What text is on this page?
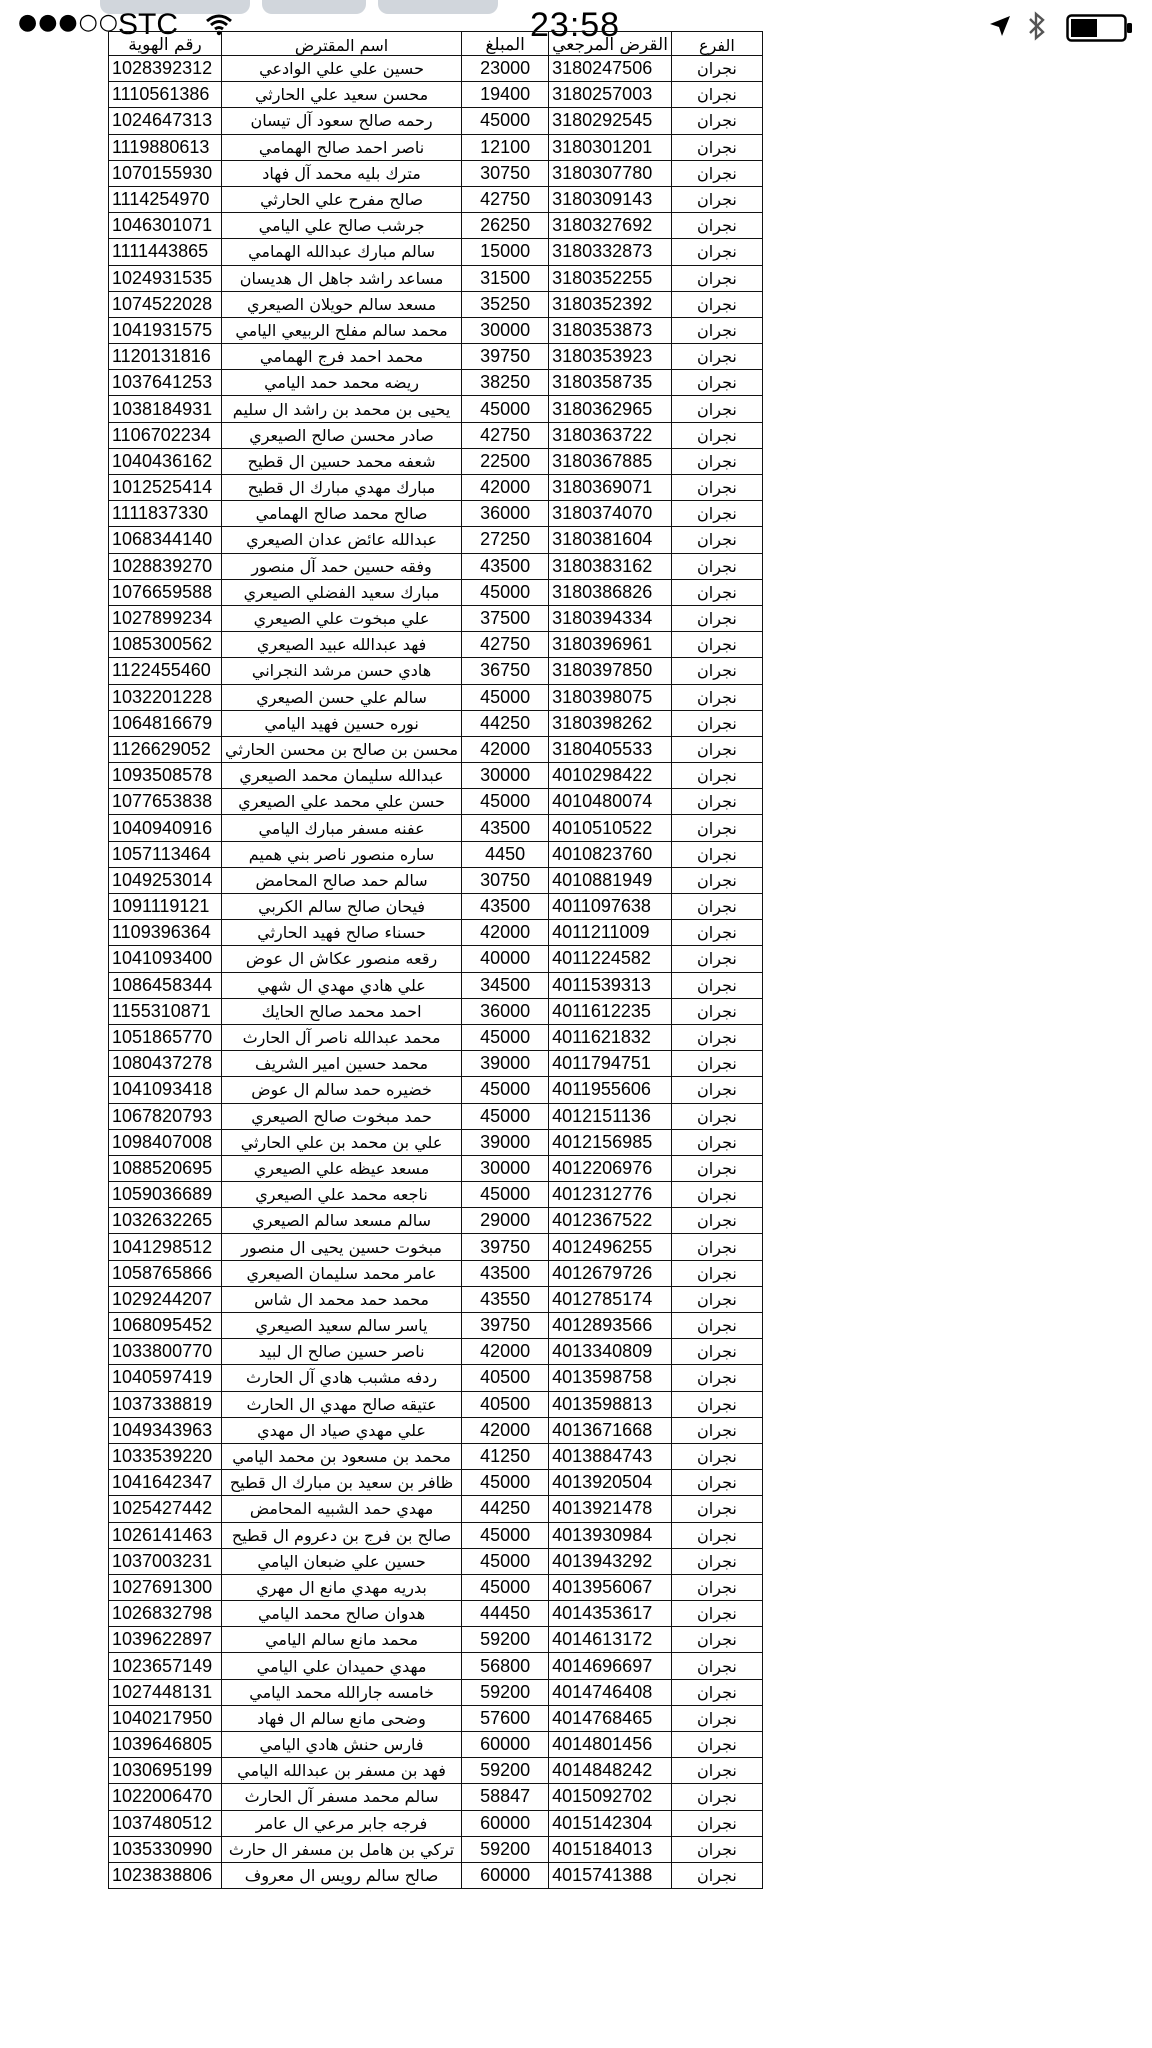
●●●○○ STC	23:58
رقم الهوية	اسم المقترض	المبلغ	القرض المرجعي	الفرع
1028392312	حسين علي علي الوادعي	23000	3180247506	نجران
1110561386	محسن سعيد علي الحارثي	19400	3180257003	نجران
1024647313	رحمه صالح سعود آل تيسان	45000	3180292545	نجران
1119880613	ناصر احمد صالح الهمامي	12100	3180301201	نجران
1070155930	مترك بليه محمد آل فهاد	30750	3180307780	نجران
1114254970	صالح مفرح علي الحارثي	42750	3180309143	نجران
1046301071	جرشب صالح علي اليامي	26250	3180327692	نجران
1111443865	سالم مبارك عبدالله الهمامي	15000	3180332873	نجران
1024931535	مساعد راشد جاهل ال هديسان	31500	3180352255	نجران
1074522028	مسعد سالم حويلان الصيعري	35250	3180352392	نجران
1041931575	محمد سالم مفلح الربيعي اليامي	30000	3180353873	نجران
1120131816	محمد احمد فرج الهمامي	39750	3180353923	نجران
1037641253	ريضه محمد حمد اليامي	38250	3180358735	نجران
1038184931	يحيى بن محمد بن راشد ال سليم	45000	3180362965	نجران
1106702234	صادر محسن صالح الصيعري	42750	3180363722	نجران
1040436162	شعفه محمد حسين ال قطيح	22500	3180367885	نجران
1012525414	مبارك مهدي مبارك ال قطيح	42000	3180369071	نجران
1111837330	صالح محمد صالح الهمامي	36000	3180374070	نجران
1068344140	عبدالله عائض عدان الصيعري	27250	3180381604	نجران
1028839270	وفقه حسين حمد آل منصور	43500	3180383162	نجران
1076659588	مبارك سعيد الفضلي الصيعري	45000	3180386826	نجران
1027899234	علي مبخوت علي الصيعري	37500	3180394334	نجران
1085300562	فهد عبدالله عبيد الصيعري	42750	3180396961	نجران
1122455460	هادي حسن مرشد النجراني	36750	3180397850	نجران
1032201228	سالم علي حسن الصيعري	45000	3180398075	نجران
1064816679	نوره حسين فهيد اليامي	44250	3180398262	نجران
1126629052	محسن بن صالح بن محسن الحارثي	42000	3180405533	نجران
1093508578	عبدالله سليمان محمد الصيعري	30000	4010298422	نجران
1077653838	حسن علي محمد علي الصيعري	45000	4010480074	نجران
1040940916	عفنه مسفر مبارك اليامي	43500	4010510522	نجران
1057113464	ساره منصور ناصر بني هميم	4450	4010823760	نجران
1049253014	سالم حمد صالح المحامض	30750	4010881949	نجران
1091119121	فيحان صالح سالم الكربي	43500	4011097638	نجران
1109396364	حسناء صالح فهيد الحارثي	42000	4011211009	نجران
1041093400	رقعه منصور عكاش ال عوض	40000	4011224582	نجران
1086458344	علي هادي مهدي ال شهي	34500	4011539313	نجران
1155310871	احمد محمد صالح الحايك	36000	4011612235	نجران
1051865770	محمد عبدالله ناصر آل الحارث	45000	4011621832	نجران
1080437278	محمد حسين امير الشريف	39000	4011794751	نجران
1041093418	خضيره حمد سالم ال عوض	45000	4011955606	نجران
1067820793	حمد مبخوت صالح الصيعري	45000	4012151136	نجران
1098407008	علي بن محمد بن علي الحارثي	39000	4012156985	نجران
1088520695	مسعد عيظه علي الصيعري	30000	4012206976	نجران
1059036689	ناجعه محمد علي الصيعري	45000	4012312776	نجران
1032632265	سالم مسعد سالم الصيعري	29000	4012367522	نجران
1041298512	مبخوت حسين يحيى ال منصور	39750	4012496255	نجران
1058765866	عامر محمد سليمان الصيعري	43500	4012679726	نجران
1029244207	محمد حمد محمد ال شاس	43550	4012785174	نجران
1068095452	ياسر سالم سعيد الصيعري	39750	4012893566	نجران
1033800770	ناصر حسين صالح ال لبيد	42000	4013340809	نجران
1040597419	ردفه مشبب هادي آل الحارث	40500	4013598758	نجران
1037338819	عتيقه صالح مهدي ال الحارث	40500	4013598813	نجران
1049343963	علي مهدي صياد ال مهدي	42000	4013671668	نجران
1033539220	محمد بن مسعود بن محمد اليامي	41250	4013884743	نجران
1041642347	ظافر بن سعيد بن مبارك ال قطيح	45000	4013920504	نجران
1025427442	مهدي حمد الشبيه المحامض	44250	4013921478	نجران
1026141463	صالح بن فرج بن دعروم ال قطيح	45000	4013930984	نجران
1037003231	حسين علي ضبعان اليامي	45000	4013943292	نجران
1027691300	بدريه مهدي مانع ال مهري	45000	4013956067	نجران
1026832798	هدوان صالح محمد اليامي	44450	4014353617	نجران
1039622897	محمد مانع سالم اليامي	59200	4014613172	نجران
1023657149	مهدي حميدان علي اليامي	56800	4014696697	نجران
1027448131	خامسه جارالله محمد اليامي	59200	4014746408	نجران
1040217950	وضحى مانع سالم ال فهاد	57600	4014768465	نجران
1039646805	فارس حنش هادي اليامي	60000	4014801456	نجران
1030695199	فهد بن مسفر بن عبدالله اليامي	59200	4014848242	نجران
1022006470	سالم محمد مسفر آل الحارث	58847	4015092702	نجران
1037480512	فرجه جابر مرعي ال عامر	60000	4015142304	نجران
1035330990	تركي بن هامل بن مسفر ال حارث	59200	4015184013	نجران
1023838806	صالح سالم رويس ال معروف	60000	4015741388	نجران
